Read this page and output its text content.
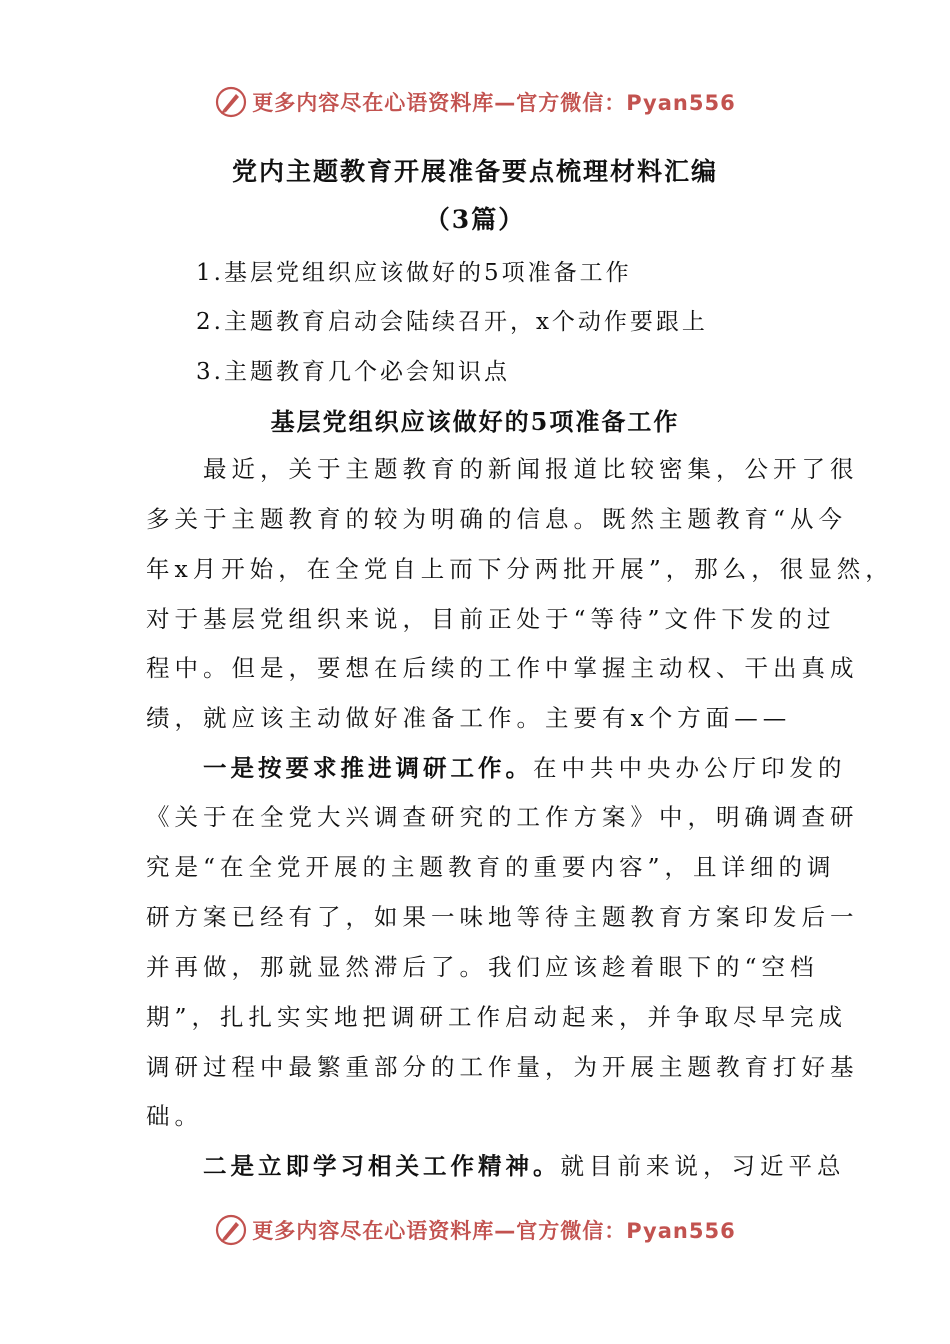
更多内容尽在心语资料库—官方微信：Pyan556
党内主题教育开展准备要点梳理材料汇编
（3篇）
1.基层党组织应该做好的5项准备工作
2.主题教育启动会陆续召开，x个动作要跟上
3.主题教育几个必会知识点
基层党组织应该做好的5项准备工作
　　最近，关于主题教育的新闻报道比较密集，公开了很
多关于主题教育的较为明确的信息。既然主题教育“从今
年x月开始，在全党自上而下分两批开展”，那么，很显然，
对于基层党组织来说，目前正处于“等待”文件下发的过
程中。但是，要想在后续的工作中掌握主动权、干出真成
绩，就应该主动做好准备工作。主要有x个方面——
　　一是按要求推进调研工作。在中共中央办公厅印发的
《关于在全党大兴调查研究的工作方案》中，明确调查研
究是“在全党开展的主题教育的重要内容”，且详细的调
研方案已经有了，如果一味地等待主题教育方案印发后一
并再做，那就显然滞后了。我们应该趁着眼下的“空档
期”，扎扎实实地把调研工作启动起来，并争取尽早完成
调研过程中最繁重部分的工作量，为开展主题教育打好基
础。
　　二是立即学习相关工作精神。就目前来说，习近平总
更多内容尽在心语资料库—官方微信：Pyan556
